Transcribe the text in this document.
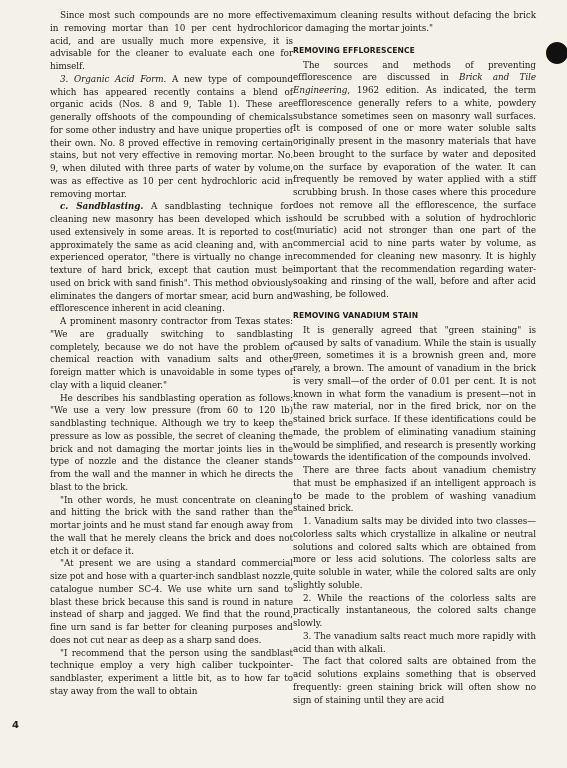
Since most such compounds are no more effective in removing mortar than 10 per cent hydrochloric acid, and are usually much more expensive, it is advisable for the cleaner to evaluate each one for himself.

3. Organic Acid Form. A new type of compound which has appeared recently contains a blend of organic acids (Nos. 8 and 9, Table 1). These are generally offshoots of the compounding of chemicals for some other industry and have unique properties of their own. No. 8 proved effective in removing certain stains, but not very effective in removing mortar. No. 9, when diluted with three parts of water by volume, was as effective as 10 per cent hydrochloric acid in removing mortar.

c. Sandblasting. A sandblasting technique for cleaning new masonry has been developed which is used extensively in some areas. It is reported to cost approximately the same as acid cleaning and, with an experienced operator, "there is virtually no change in texture of hard brick, except that caution must be used on brick with sand finish". This method obviously eliminates the dangers of mortar smear, acid burn and efflorescence inherent in acid cleaning.

A prominent masonry contractor from Texas states: "We are gradually switching to sandblasting completely, because we do not have the problem of chemical reaction with vanadium salts and other foreign matter which is unavoidable in some types of clay with a liquid cleaner."

He describes his sandblasting operation as follows: "We use a very low pressure (from 60 to 120 lb) sandblasting technique. Although we try to keep the pressure as low as possible, the secret of cleaning the brick and not damaging the mortar joints lies in the type of nozzle and the distance the cleaner stands from the wall and the manner in which he directs the blast to the brick.

"In other words, he must concentrate on cleaning and hitting the brick with the sand rather than the mortar joints and he must stand far enough away from the wall that he merely cleans the brick and does not etch it or deface it.

"At present we are using a standard commercial size pot and hose with a quarter-inch sandblast nozzle, catalogue number SC-4. We use white urn sand to blast these brick because this sand is round in nature instead of sharp and jagged. We find that the round, fine urn sand is far better for cleaning purposes and does not cut near as deep as a sharp sand does.

"I recommend that the person using the sandblast technique employ a very high caliber tuckpointer-sandblaster, experiment a little bit, as to how far to stay away from the wall to obtain

maximum cleaning results without defacing the brick or damaging the mortar joints."

REMOVING EFFLORESCENCE

The sources and methods of preventing efflorescence are discussed in Brick and Tile Engineering, 1962 edition. As indicated, the term efflorescence generally refers to a white, powdery substance sometimes seen on masonry wall surfaces. It is composed of one or more water soluble salts originally present in the masonry materials that have been brought to the surface by water and deposited on the surface by evaporation of the water. It can frequently be removed by water applied with a stiff scrubbing brush. In those cases where this procedure does not remove all the efflorescence, the surface should be scrubbed with a solution of hydrochloric (muriatic) acid not stronger than one part of the commercial acid to nine parts water by volume, as recommended for cleaning new masonry. It is highly important that the recommendation regarding water-soaking and rinsing of the wall, before and after acid washing, be followed.

REMOVING VANADIUM STAIN

It is generally agreed that "green staining" is caused by salts of vanadium. While the stain is usually green, sometimes it is a brownish green and, more rarely, a brown. The amount of vanadium in the brick is very small—of the order of 0.01 per cent. It is not known in what form the vanadium is present—not in the raw material, nor in the fired brick, nor on the stained brick surface. If these identifications could be made, the problem of eliminating vanadium staining would be simplified, and research is presently working towards the identification of the compounds involved.

There are three facts about vanadium chemistry that must be emphasized if an intelligent approach is to be made to the problem of washing vanadium stained brick.

1. Vanadium salts may be divided into two classes—colorless salts which crystallize in alkaline or neutral solutions and colored salts which are obtained from more or less acid solutions. The colorless salts are quite soluble in water, while the colored salts are only slightly soluble.

2. While the reactions of the colorless salts are practically instantaneous, the colored salts change slowly.

3. The vanadium salts react much more rapidly with acid than with alkali.

The fact that colored salts are obtained from the acid solutions explains something that is observed frequently: green staining brick will often show no sign of staining until they are acid

4
